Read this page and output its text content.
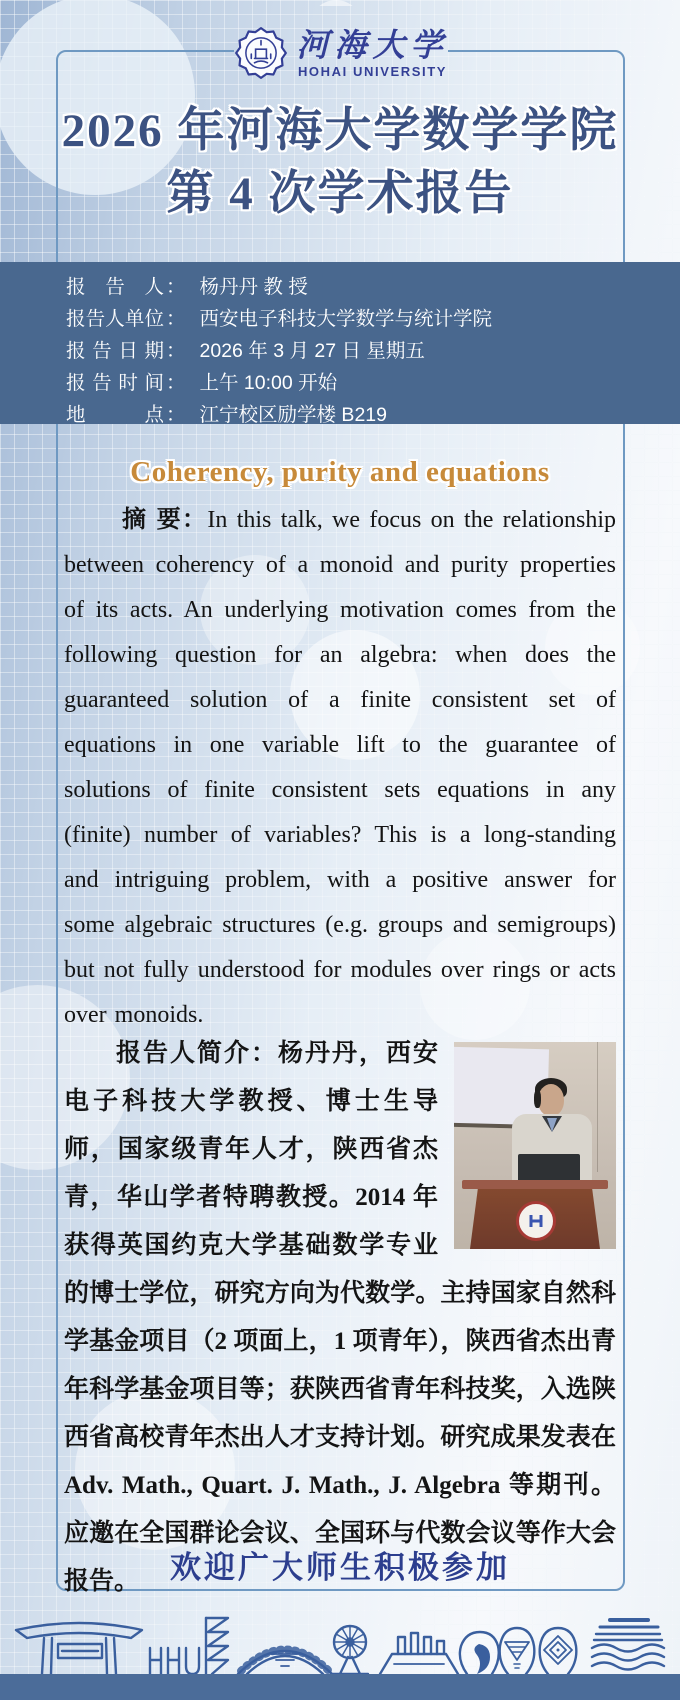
河海大学
HOHAI UNIVERSITY
2026 年河海大学数学学院
第 4 次学术报告
报告人 ： 杨丹丹 教 授
报告人单位 ： 西安电子科技大学数学与统计学院
报告日期 ： 2026 年 3 月 27 日 星期五
报告时间 ： 上午 10:00 开始
地点 ： 江宁校区励学楼 B219
Coherency, purity and equations

摘 要：In this talk, we focus on the relationship between coherency of a monoid and purity properties of its acts. An underlying motivation comes from the following question for an algebra: when does the guaranteed solution of a finite consistent set of equations in one variable lift to the guarantee of solutions of finite consistent sets equations in any (finite) number of variables? This is a long-standing and intriguing problem, with a positive answer for some algebraic structures (e.g. groups and semigroups) but not fully understood for modules over rings or acts over monoids.

报告人简介：杨丹丹，西安电子科技大学教授、博士生导师，国家级青年人才，陕西省杰青，华山学者特聘教授。2014 年获得英国约克大学基础数学专业的博士学位，研究方向为代数学。主持国家自然科学基金项目（2 项面上，1 项青年），陕西省杰出青年科学基金项目等；获陕西省青年科技奖，入选陕西省高校青年杰出人才支持计划。研究成果发表在 Adv. Math., Quart. J. Math., J. Algebra 等期刊。应邀在全国群论会议、全国环与代数会议等作大会报告。 欢迎广大师生积极参加
